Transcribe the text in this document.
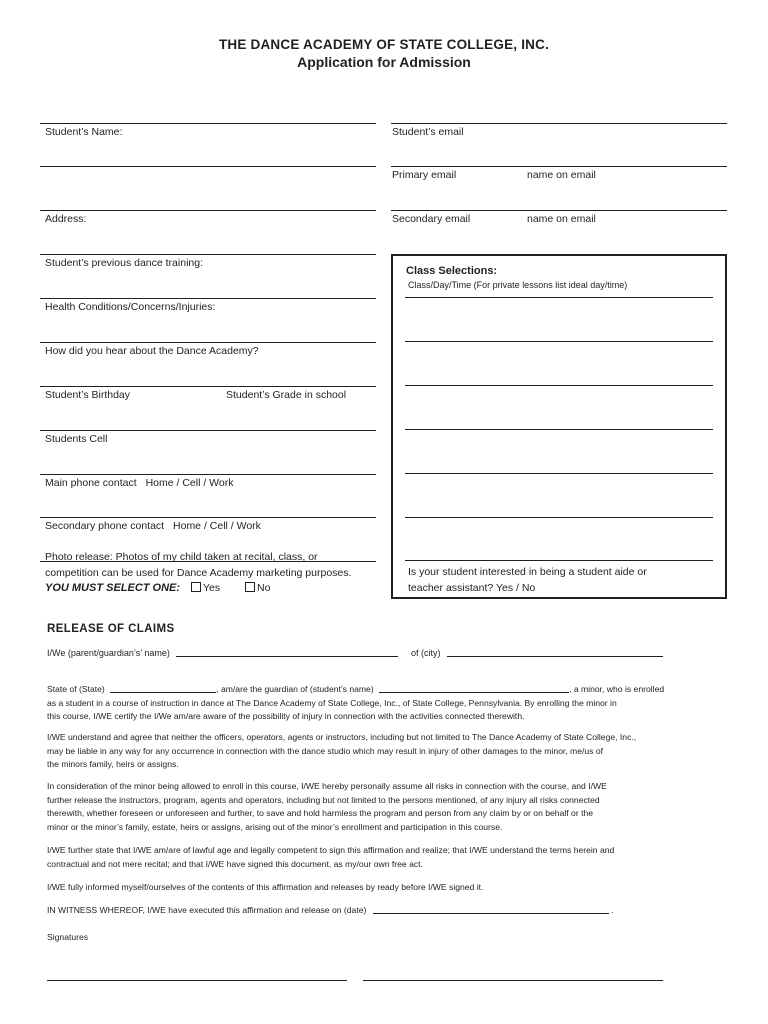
THE DANCE ACADEMY OF STATE COLLEGE, INC.
Application for Admission
Student’s Name:
Address:
Student’s previous dance training:
Health Conditions/Concerns/Injuries:
How did you hear about the Dance Academy?
Student’s Birthday	Student’s Grade in school
Students Cell
Main phone contact Home / Cell / Work
Secondary phone contact Home / Cell / Work
Photo release: Photos of my child taken at recital, class, or
competition can be used for Dance Academy marketing purposes.
YOU MUST SELECT ONE: Yes	No
Student’s email
Primary email	name on email
Secondary email	name on email
Class Selections:
Class/Day/Time (For private lessons list ideal day/time)
Is your student interested in being a student aide or
teacher assistant? Yes / No
RELEASE OF CLAIMS
I/We (parent/guardian’s’ name)	of (city)
State of (State)	, am/are the guardian of (student’s name)	, a minor, who is enrolled
as a student in a course of instruction in dance at The Dance Academy of State College, Inc., of State College, Pennsylvania. By enrolling the minor in
this course, I/WE certify the I/We am/are aware of the possibility of injury in connection with the activities connected therewith.
I/WE understand and agree that neither the officers, operators, agents or instructors, including but not limited to The Dance Academy of State College, Inc.,
may be liable in any way for any occurrence in connection with the dance studio which may result in injury of other damages to the minor, me/us of
the minors family, heirs or assigns.
In consideration of the minor being allowed to enroll in this course, I/WE hereby personally assume all risks in connection with the course, and I/WE
further release the instructors, program, agents and operators, including but not limited to the persons mentioned, of any injury all risks connected
therewith, whether foreseen or unforeseen and further, to save and hold harmless the program and person from any claim by or on behalf or the
minor or the minor’s family, estate, heirs or assigns, arising out of the minor’s enrollment and participation in this course.
I/WE further state that I/WE am/are of lawful age and legally competent to sign this affirmation and realize; that I/WE understand the terms herein and
contractual and not mere recital; and that I/WE have signed this document, as my/our own free act.
I/WE fully informed myself/ourselves of the contents of this affirmation and releases by ready before I/WE signed it.
IN WITNESS WHEREOF, I/WE have executed this affirmation and release on (date)	.
Signatures
